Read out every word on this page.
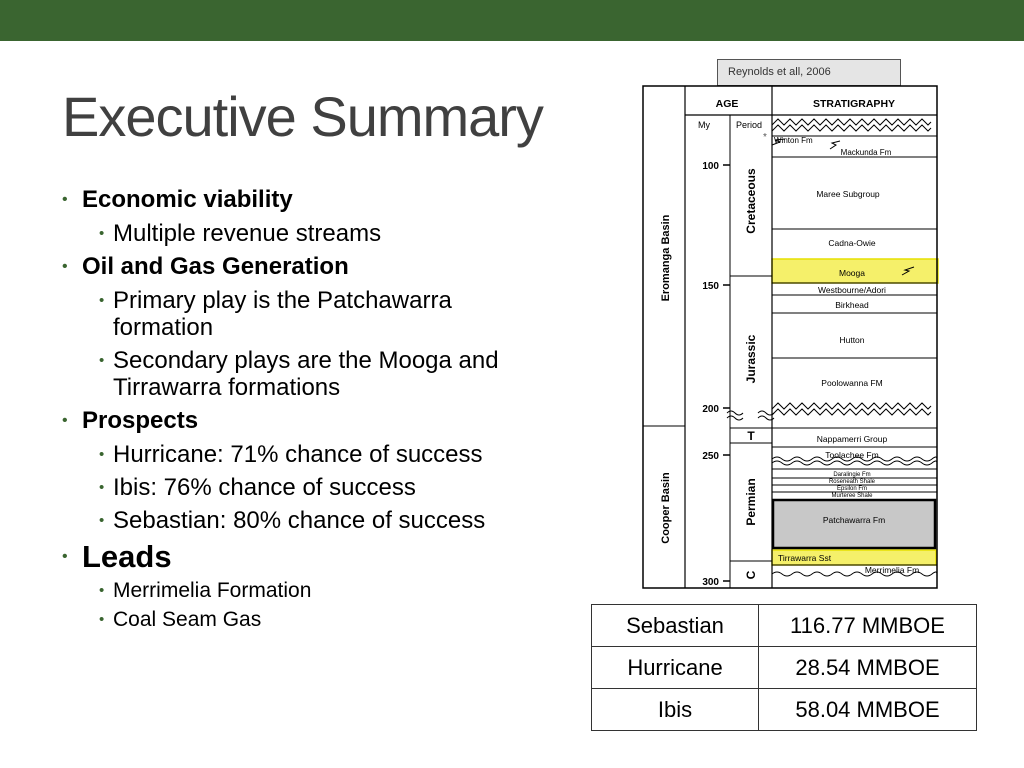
Executive Summary
• Economic viability
• Multiple revenue streams
• Oil and Gas Generation
• Primary play is the Patchawarra formation
• Secondary plays are the Mooga and Tirrawarra formations
• Prospects
• Hurricane: 71% chance of success
• Ibis: 76% chance of success
• Sebastian: 80% chance of success
• Leads
• Merrimelia Formation
• Coal Seam Gas
Reynolds et all, 2006
AGE	STRATIGRAPHY
My	Period
*
Eromanga Basin
Cooper Basin
100
150
200
250
300
Cretaceous
Jurassic
T
Permian
C
Winton Fm
Mackunda Fm
Maree Subgroup
Cadna-Owie
Mooga
Westbourne/Adori
Birkhead
Hutton
Poolowanna FM
Nappamerri Group
Toolachee Fm
Daralingie Fm
Roseneath Shale
Epsilon Fm
Murteree Shale
Patchawarra Fm
Tirrawarra Sst
Merrimelia Fm
Sebastian	116.77 MMBOE
Hurricane	28.54 MMBOE
Ibis	58.04 MMBOE
